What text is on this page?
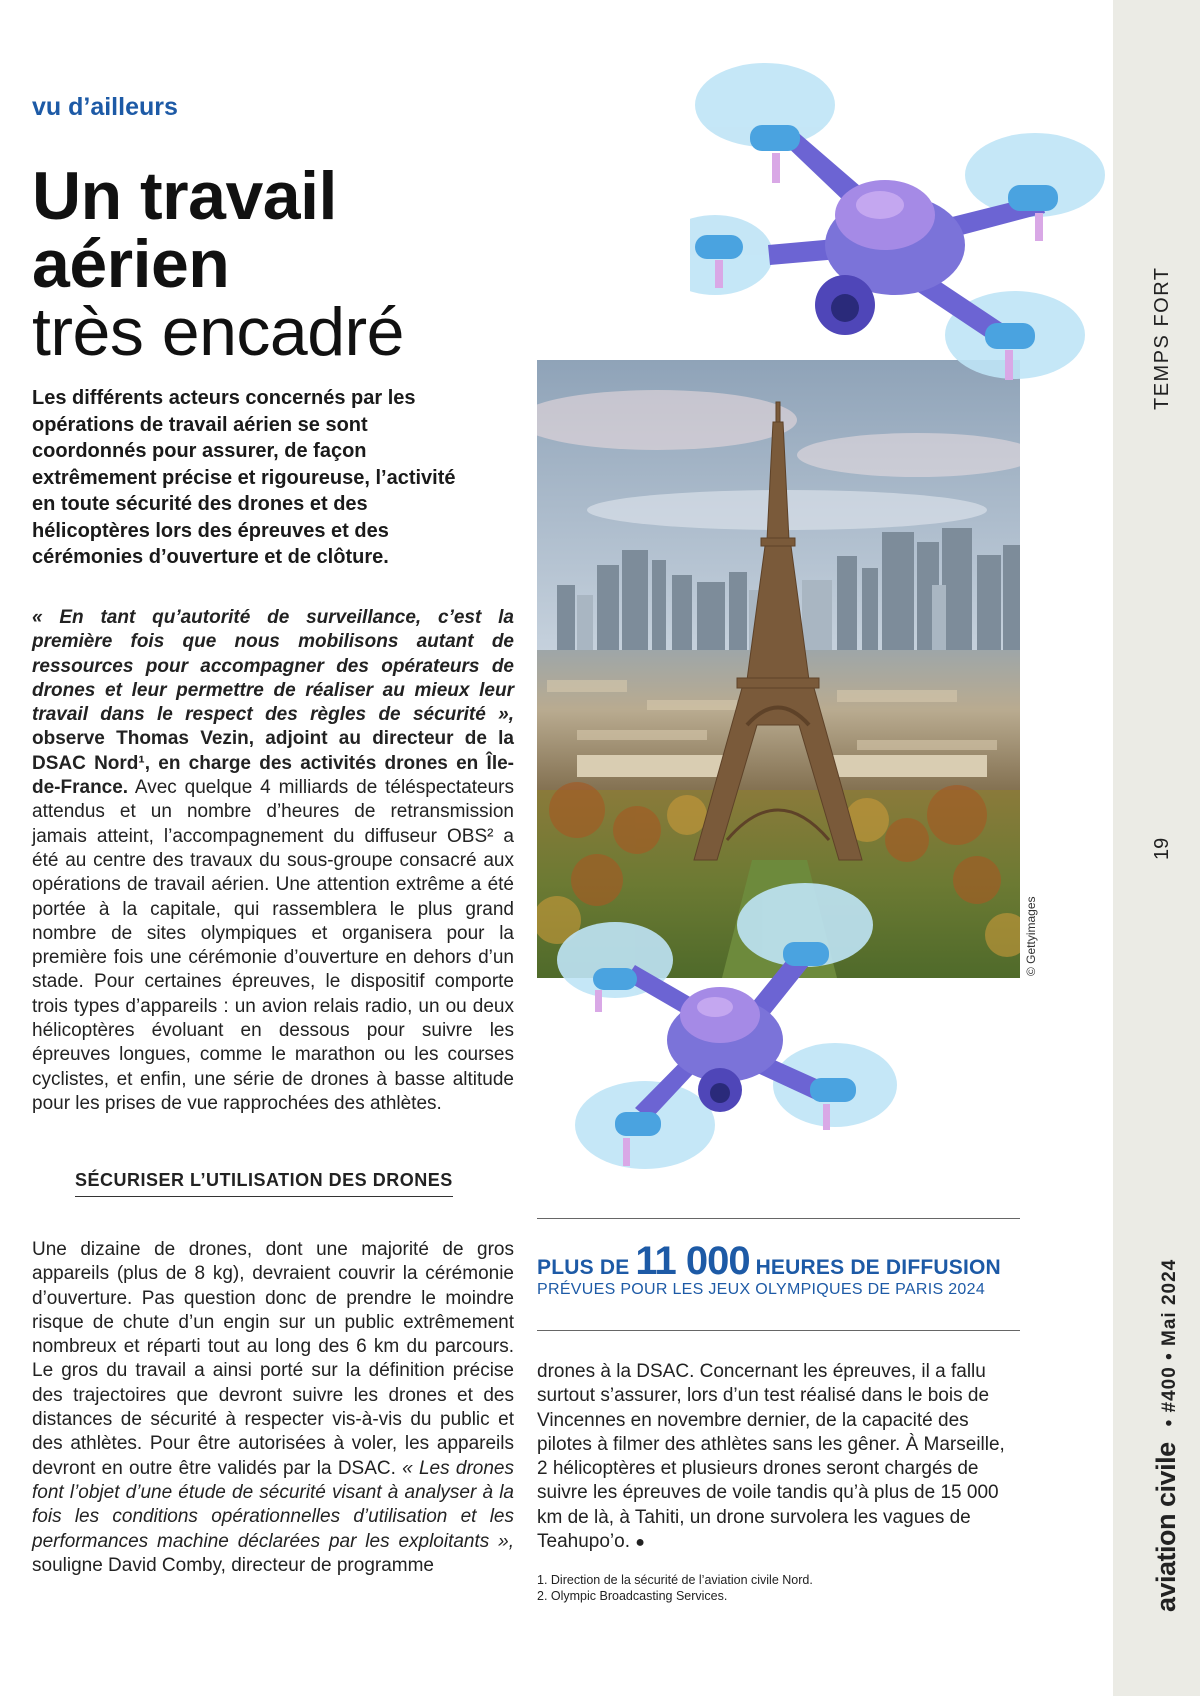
TEMPS FORT
19
aviation civile• #400 • Mai 2024
vu d’ailleurs
Un travail
aérien
très encadré

Les différents acteurs concernés par les opérations de travail aérien se sont coordonnés pour assurer, de façon extrêmement précise et rigoureuse, l’activité en toute sécurité des drones et des hélicoptères lors des épreuves et des cérémonies d’ouverture et de clôture.

« En tant qu’autorité de surveillance, c’est la première fois que nous mobilisons autant de ressources pour accompagner des opérateurs de drones et leur permettre de réaliser au mieux leur travail dans le respect des règles de sécurité », observe Thomas Vezin, adjoint au directeur de la DSAC Nord¹, en charge des activités drones en Île-de-France. Avec quelque 4 milliards de téléspectateurs attendus et un nombre d’heures de retransmission jamais atteint, l’accompagnement du diffuseur OBS² a été au centre des travaux du sous-groupe consacré aux opérations de travail aérien. Une attention extrême a été portée à la capitale, qui rassemblera le plus grand nombre de sites olympiques et organisera pour la première fois une cérémonie d’ouverture en dehors d’un stade. Pour certaines épreuves, le dispositif comporte trois types d’appareils : un avion relais radio, un ou deux hélicoptères évoluant en dessous pour suivre les épreuves longues, comme le marathon ou les courses cyclistes, et enfin, une série de drones à basse altitude pour les prises de vue rapprochées des athlètes.

SÉCURISER L’UTILISATION DES DRONES

Une dizaine de drones, dont une majorité de gros appareils (plus de 8 kg), devraient couvrir la cérémonie d’ouverture. Pas question donc de prendre le moindre risque de chute d’un engin sur un public extrêmement nombreux et réparti tout au long des 6 km du parcours. Le gros du travail a ainsi porté sur la définition précise des trajectoires que devront suivre les drones et des distances de sécurité à respecter vis-à-vis du public et des athlètes. Pour être autorisées à voler, les appareils devront en outre être validés par la DSAC. « Les drones font l’objet d’une étude de sécurité visant à analyser à la fois les conditions opérationnelles d’utilisation et les performances machine déclarées par les exploitants », souligne David Comby, directeur de programme

© Gettyimages
PLUS DE 11 000 HEURES DE DIFFUSION
PRÉVUES POUR LES JEUX OLYMPIQUES DE PARIS 2024

drones à la DSAC. Concernant les épreuves, il a fallu surtout s’assurer, lors d’un test réalisé dans le bois de Vincennes en novembre dernier, de la capacité des pilotes à filmer des athlètes sans les gêner. À Marseille, 2 hélicoptères et plusieurs drones seront chargés de suivre les épreuves de voile tandis qu’à plus de 15 000 km de là, à Tahiti, un drone survolera les vagues de Teahupo’o. ●

1. Direction de la sécurité de l’aviation civile Nord.
2. Olympic Broadcasting Services.
